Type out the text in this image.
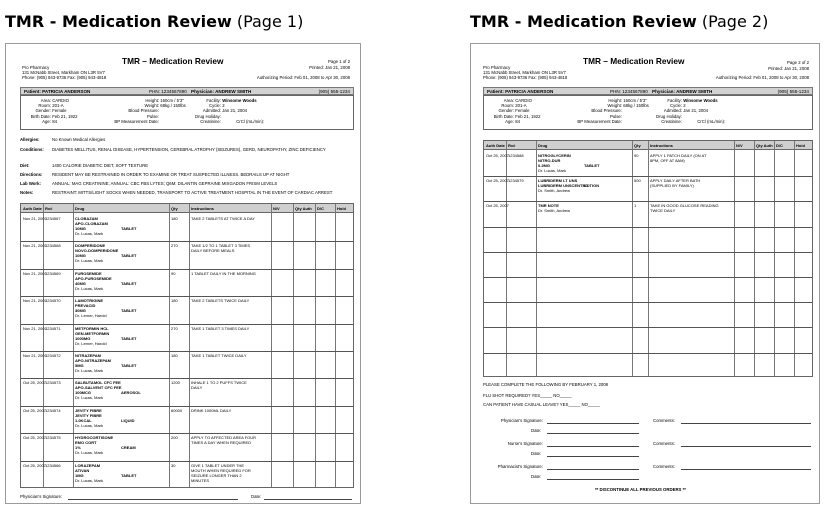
TMR - Medication Review (Page 1)	TMR - Medication Review (Page 2)
TMR – Medication Review
Pro Pharmacy
131 McNabb Street, Markham ON L3R 5V7
Phone: (905) 943-9736 Fax: (905) 943-4818
Page 1 of 2
Printed: Jan 21, 2008
Authorizing Period: Feb 01, 2008 to Apr 30, 2008
Patient: PATRICIA ANDERSON	PHN: 1234567890 Physician: ANDREW SMITH	(905) 555-1234
Area: CARDIO
Room: 201-A
Gender: Female
Birth Date: Feb 21, 1922
Age: 84
Height: 160cm / 5'3"
Weight: 68kg / 150lbs
Blood Pressure:
Pulse:
BP Measurement Date:
Facility: Winsome Woods
Cycle: 2
Admitted: Jan 21, 2004
Drug Holiday:
Creatinine:	CrCl (mL/min):
Allergies:	No Known Medical Allergies
Conditions: DIABETES MELLITUS, RENAL DISEASE, HYPERTENSION, CEREBRAL ATROPHY (SEIZURES), GERD, NEUROPATHY, ZINC DEFICIENCY
Diet:	1400 CALORIE DIABETIC DIET, SOFT TEXTURE
Directions: RESIDENT MAY BE RESTRAINED IN ORDER TO EXAMINE OR TREAT SUSPECTED ILLNESS. BEDRAILS UP AT NIGHT
Lab Work:	ANNUAL: MAG CREATININE; ANNUAL: CBC FBS LYTES; Q6M: DILANTIN GEPRAINE MIXGADON FRISM LEVELS
Notes:	RESTRAINT: MITTS/LIGHT SOCKS WHEN NEEDED, TRANSPORT TO ACTIVE TREATMENT HOSPITAL IN THE EVENT OF CARDIAC ARREST
Auth Date Rx#	Drug	Qty	Instructions	N/V	Qty Auth D/C	Hold
Nov 21, 2007
1234567	CLOBAZAM
APO-CLOBAZAM
10MG	TABLET
Dr. Lucas, Mark
180	TAKE 2 TABLETS AT TWICE A DAY
Nov 21, 2007
1234568	DOMPERIDONE
NOVO-DOMPERIDONE
10MG	TABLET
Dr. Lucas, Mark
270	TAKE 1/2 TO 1 TABLET 3 TIMES
DAILY BEFORE MEALS
Nov 21, 2007
1234569	FUROSEMIDE
APO-FUROSEMIDE
40MG	TABLET
Dr. Lucas, Mark
90	1 TABLET DAILY IN THE MORNING
Nov 21, 2007
1234570	LAMOTRIGINE
PREVACID
30MG	TABLET
Dr. Lerner, Harold
180	TAKE 2 TABLETS TWICE DAILY
Nov 21, 2007
1234571	METFORMIN HCL
GEN-METFORMIN
1000MG	TABLET
Dr. Lerner, Harold
270	TAKE 1 TABLET 3 TIMES DAILY
Nov 21, 2007
1234572	NITRAZEPAM
APO-NITRAZEPAM
5MG	TABLET
Dr. Lucas, Mark
180	TAKE 1 TABLET TWICE DAILY
Oct 25, 2007 1234573	SALBUTAMOL CFC FEE
APO-SALVENT CFC FEE
100MCG	AEROSOL
Dr. Lucas, Mark
1200	INHALE 1 TO 2 PUFFS TWICE
DAILY
Oct 25, 2007 1234574	JEVITY FIBRE
JEVITY FIBRE
1.0KCAL	LIQUID
Dr. Lucas, Mark
60000 DRINK 1000ML DAILY
Oct 25, 2007 1234575	HYDROCORTISONE
EMO CORT
1%	CREAM
Dr. Lucas, Mark
200	APPLY TO AFFECTED AREA FOUR
TIMES A DAY WHEN REQUIRED
Oct 25, 2007 1234566	LORAZEPAM
ATIVAN
1MG	TABLET
Dr. Lucas, Mark
30	GIVE 1 TABLET UNDER THE
MOUTH WHEN REQUIRED FOR
SEIZURE LONGER THAN 2
MINUTES
Physician's Signature:	Date:
TMR – Medication Review
Pro Pharmacy
131 McNabb Street, Markham ON L3R 5V7
Phone: (905) 943-9736 Fax: (905) 943-4818
Page 2 of 2
Printed: Jan 21, 2008
Authorizing Period: Feb 01, 2008 to Apr 30, 2008
Patient: PATRICIA ANDERSON	PHN: 1234567890 Physician: ANDREW SMITH	(905) 555-1234
Area: CARDIO
Room: 201-A
Gender: Female
Birth Date: Feb 21, 1922
Age: 84
Height: 160cm / 5'3"
Weight: 68kg / 150lbs
Blood Pressure:
Pulse:
BP Measurement Date:
Facility: Winsome Woods
Cycle: 2
Admitted: Jan 21, 2004
Drug Holiday:
Creatinine:	CrCl (mL/min):
Auth Date Rx#	Drug	Qty Instructions	N/V	Qty Auth D/C	Hold
Oct 25, 2007 1234588	NITROGLYCERIN
NITRO-DUR
0.2MG	TABLET
Dr. Lucas, Mark
90	APPLY 1 PATCH DAILY (ON AT
8PM, OFF AT 8AM)
Oct 25, 2007 1234579	LUBRIDERM LT UNS
LUBRIDERM UNSCENTED
LOTION
Dr. Smith, Andrew
500 APPLY DAILY AFTER BATH
(SUPPLIED BY FAMILY)
Oct 25, 2007	TMR NOTE
Dr. Smith, Andrew
1	TAKE IN GOOD GLUCOSE READING
TWICE DAILY
PLEASE COMPLETE THE FOLLOWING BY FEBRUARY 1, 2008
FLU SHOT REQUIRED? YES_____ NO_____
CAN PATIENT HAVE CASUAL LEAVE? YES_____ NO_____
Physician's Signature:	Comments:
Date:
Nurse's Signature:	Comments:
Date:
Pharmacist's Signature:	Comments:
Date:
** DISCONTINUE ALL PREVIOUS ORDERS **
